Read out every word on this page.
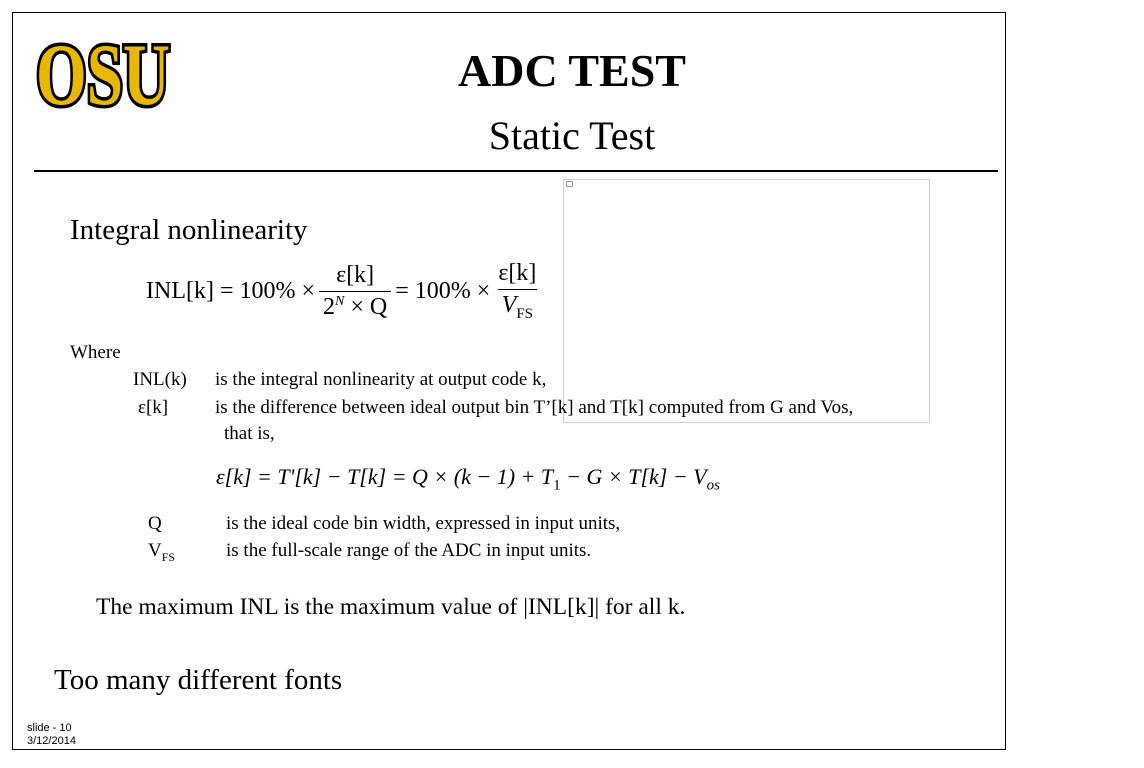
OSU	ADC TEST
Static Test
Integral nonlinearity
$INL[k] = 100\% \times \frac{\varepsilon[k]}{2^N \times Q} = 100\% \times \frac{\varepsilon[k]}{V_{FS}}$
Where
INL(k) is the integral nonlinearity at output code k,
ε[k] is the difference between ideal output bin T’[k] and T[k] computed from G and Vos,
that is,
$\varepsilon[k] = T'[k] - T[k] = Q \times (k - 1) + T_1 - G \times T[k] - V_{os}$
Q	is the ideal code bin width, expressed in input units,
$V_{FS}$	is the full-scale range of the ADC in input units.
The maximum INL is the maximum value of |INL[k]| for all k.
Too many different fonts
slide - 10
3/12/2014
